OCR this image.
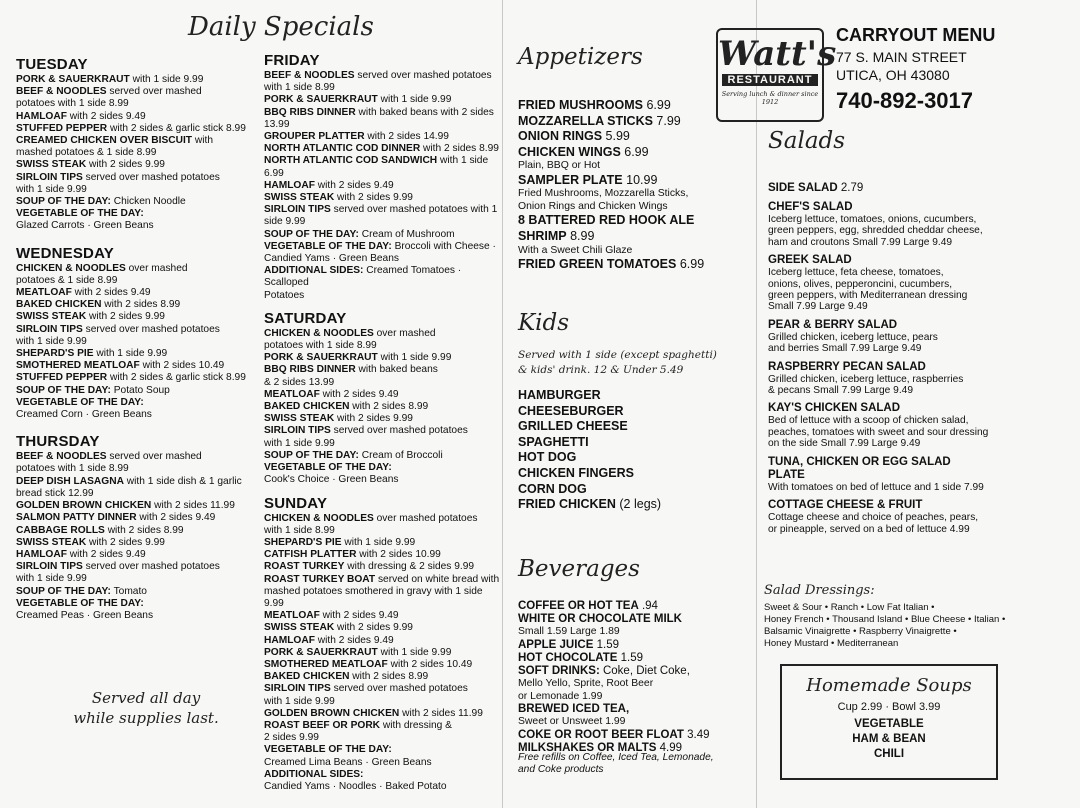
Daily Specials
TUESDAY
PORK & SAUERKRAUT with 1 side 9.99
BEEF & NOODLES served over mashed
potatoes with 1 side 8.99
HAMLOAF with 2 sides 9.49
STUFFED PEPPER with 2 sides & garlic stick 8.99
CREAMED CHICKEN OVER BISCUIT with
mashed potatoes & 1 side 8.99
SWISS STEAK with 2 sides 9.99
SIRLOIN TIPS served over mashed potatoes
with 1 side 9.99
SOUP OF THE DAY: Chicken Noodle
VEGETABLE OF THE DAY:
Glazed Carrots · Green Beans
WEDNESDAY
CHICKEN & NOODLES over mashed
potatoes & 1 side 8.99
MEATLOAF with 2 sides 9.49
BAKED CHICKEN with 2 sides 8.99
SWISS STEAK with 2 sides 9.99
SIRLOIN TIPS served over mashed potatoes
with 1 side 9.99
SHEPARD'S PIE with 1 side 9.99
SMOTHERED MEATLOAF with 2 sides 10.49
STUFFED PEPPER with 2 sides & garlic stick 8.99
SOUP OF THE DAY: Potato Soup
VEGETABLE OF THE DAY:
Creamed Corn · Green Beans
THURSDAY
BEEF & NOODLES served over mashed
potatoes with 1 side 8.99
DEEP DISH LASAGNA with 1 side dish & 1 garlic
bread stick 12.99
GOLDEN BROWN CHICKEN with 2 sides 11.99
SALMON PATTY DINNER with 2 sides 9.49
CABBAGE ROLLS with 2 sides 8.99
SWISS STEAK with 2 sides 9.99
HAMLOAF with 2 sides 9.49
SIRLOIN TIPS served over mashed potatoes
with 1 side 9.99
SOUP OF THE DAY: Tomato
VEGETABLE OF THE DAY:
Creamed Peas · Green Beans
Served all day
while supplies last.
FRIDAY
BEEF & NOODLES served over mashed potatoes
with 1 side 8.99
PORK & SAUERKRAUT with 1 side 9.99
BBQ RIBS DINNER with baked beans with 2 sides
13.99
GROUPER PLATTER with 2 sides 14.99
NORTH ATLANTIC COD DINNER with 2 sides 8.99
NORTH ATLANTIC COD SANDWICH with 1 side 6.99
HAMLOAF with 2 sides 9.49
SWISS STEAK with 2 sides 9.99
SIRLOIN TIPS served over mashed potatoes with 1
side 9.99
SOUP OF THE DAY: Cream of Mushroom
VEGETABLE OF THE DAY: Broccoli with Cheese ·
Candied Yams · Green Beans
ADDITIONAL SIDES: Creamed Tomatoes · Scalloped
Potatoes
SATURDAY
CHICKEN & NOODLES over mashed
potatoes with 1 side 8.99
PORK & SAUERKRAUT with 1 side 9.99
BBQ RIBS DINNER with baked beans
& 2 sides 13.99
MEATLOAF with 2 sides 9.49
BAKED CHICKEN with 2 sides 8.99
SWISS STEAK with 2 sides 9.99
SIRLOIN TIPS served over mashed potatoes
with 1 side 9.99
SOUP OF THE DAY: Cream of Broccoli
VEGETABLE OF THE DAY:
Cook's Choice · Green Beans
SUNDAY
CHICKEN & NOODLES over mashed potatoes
with 1 side 8.99
SHEPARD'S PIE with 1 side 9.99
CATFISH PLATTER with 2 sides 10.99
ROAST TURKEY with dressing & 2 sides 9.99
ROAST TURKEY BOAT served on white bread with
mashed potatoes smothered in gravy with 1 side 9.99
MEATLOAF with 2 sides 9.49
SWISS STEAK with 2 sides 9.99
HAMLOAF with 2 sides 9.49
PORK & SAUERKRAUT with 1 side 9.99
SMOTHERED MEATLOAF with 2 sides 10.49
BAKED CHICKEN with 2 sides 8.99
SIRLOIN TIPS served over mashed potatoes
with 1 side 9.99
GOLDEN BROWN CHICKEN with 2 sides 11.99
ROAST BEEF OR PORK with dressing &
2 sides 9.99
VEGETABLE OF THE DAY:
Creamed Lima Beans · Green Beans
ADDITIONAL SIDES:
Candied Yams · Noodles · Baked Potato
Appetizers
FRIED MUSHROOMS 6.99
MOZZARELLA STICKS 7.99
ONION RINGS 5.99
CHICKEN WINGS 6.99
Plain, BBQ or Hot
SAMPLER PLATE 10.99
Fried Mushrooms, Mozzarella Sticks,
Onion Rings and Chicken Wings
8 BATTERED RED HOOK ALE
SHRIMP 8.99
With a Sweet Chili Glaze
FRIED GREEN TOMATOES 6.99
Kids
Served with 1 side (except spaghetti)
& kids' drink. 12 & Under 5.49
HAMBURGER
CHEESEBURGER
GRILLED CHEESE
SPAGHETTI
HOT DOG
CHICKEN FINGERS
CORN DOG
FRIED CHICKEN (2 legs)
Beverages
COFFEE OR HOT TEA .94
WHITE OR CHOCOLATE MILK
Small 1.59 Large 1.89
APPLE JUICE 1.59
HOT CHOCOLATE 1.59
SOFT DRINKS: Coke, Diet Coke,
Mello Yello, Sprite, Root Beer
or Lemonade 1.99
BREWED ICED TEA,
Sweet or Unsweet 1.99
COKE OR ROOT BEER FLOAT 3.49
MILKSHAKES OR MALTS 4.99
Free refills on Coffee, Iced Tea, Lemonade,
and Coke products
Watt's
RESTAURANT
Serving lunch & dinner since 1912
CARRYOUT MENU
77 S. MAIN STREET
UTICA, OH 43080
740-892-3017
Salads
SIDE SALAD 2.79
CHEF'S SALAD
Iceberg lettuce, tomatoes, onions, cucumbers,
green peppers, egg, shredded cheddar cheese,
ham and croutons Small 7.99 Large 9.49
GREEK SALAD
Iceberg lettuce, feta cheese, tomatoes,
onions, olives, pepperoncini, cucumbers,
green peppers, with Mediterranean dressing
Small 7.99 Large 9.49
PEAR & BERRY SALAD
Grilled chicken, iceberg lettuce, pears
and berries Small 7.99 Large 9.49
RASPBERRY PECAN SALAD
Grilled chicken, iceberg lettuce, raspberries
& pecans Small 7.99 Large 9.49
KAY'S CHICKEN SALAD
Bed of lettuce with a scoop of chicken salad,
peaches, tomatoes with sweet and sour dressing
on the side Small 7.99 Large 9.49
TUNA, CHICKEN OR EGG SALAD
PLATE
With tomatoes on bed of lettuce and 1 side 7.99
COTTAGE CHEESE & FRUIT
Cottage cheese and choice of peaches, pears,
or pineapple, served on a bed of lettuce 4.99
Salad Dressings:
Sweet & Sour • Ranch • Low Fat Italian •
Honey French • Thousand Island • Blue Cheese • Italian •
Balsamic Vinaigrette • Raspberry Vinaigrette •
Honey Mustard • Mediterranean
Homemade Soups
Cup 2.99 · Bowl 3.99
VEGETABLE
HAM & BEAN
CHILI
